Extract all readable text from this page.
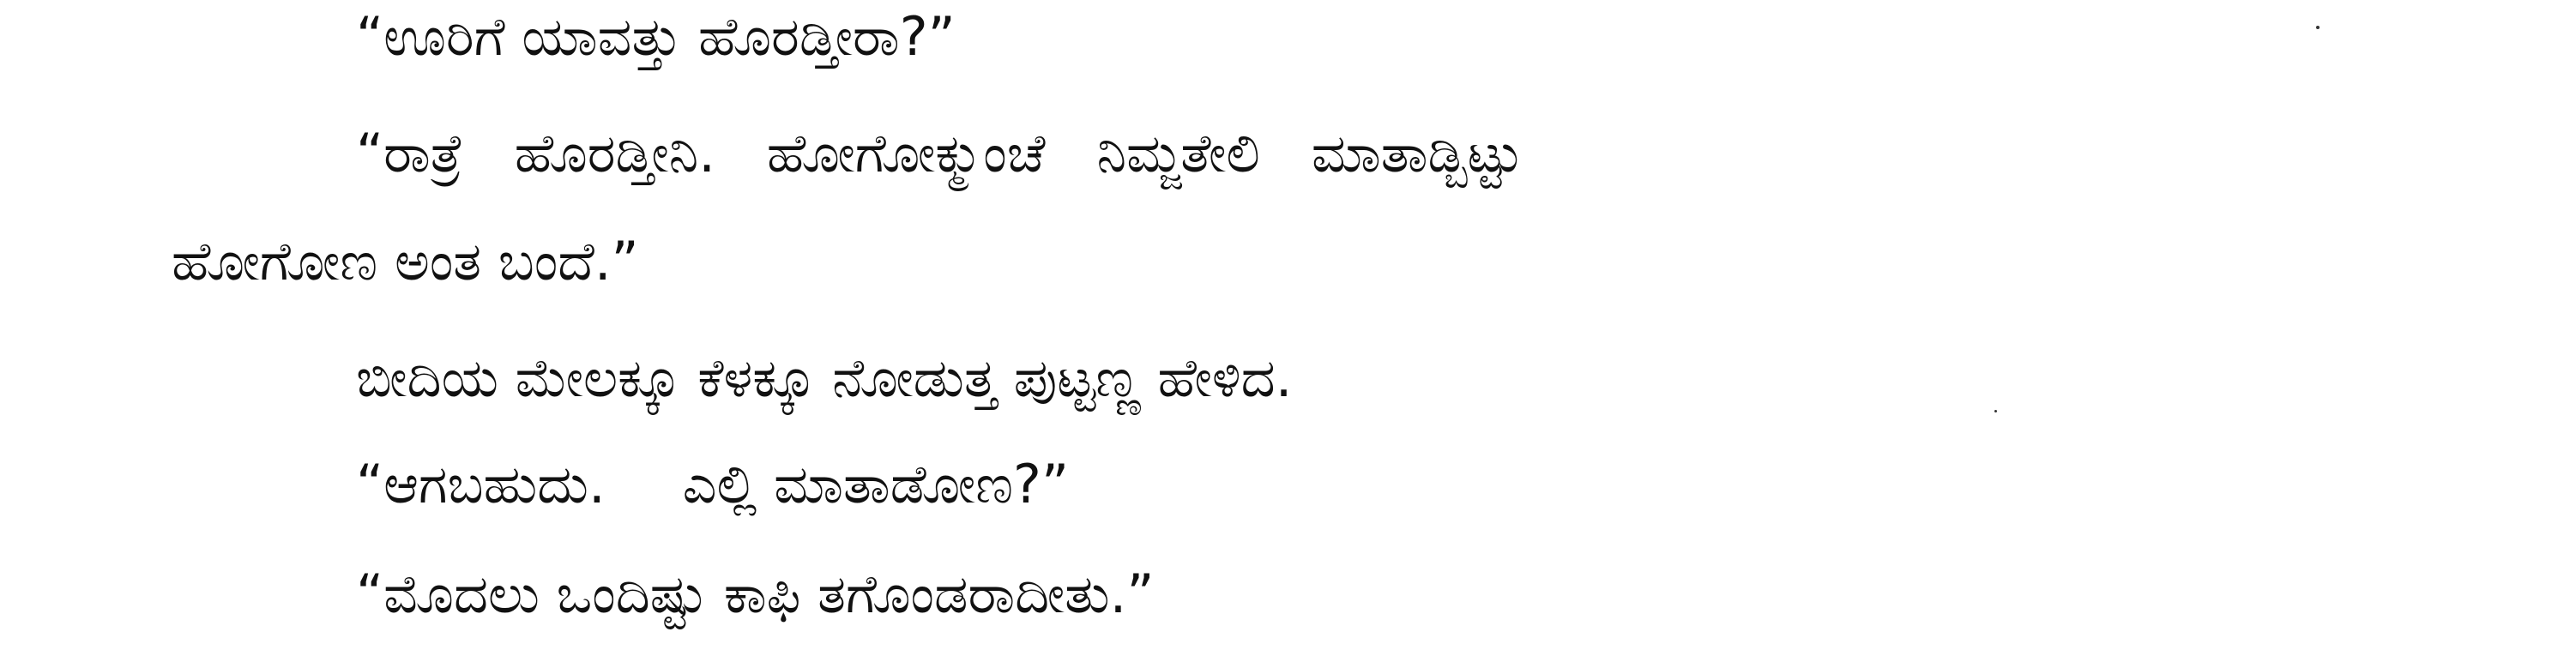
“ಊರಿಗೆ ಯಾವತ್ತು ಹೊರಡ್ತೀರಾ?”
“ರಾತ್ರೆ ಹೊರಡ್ತೀನಿ. ಹೋಗೋಕ್ಮುಂಚೆ ನಿಮ್ಜತೇಲಿ ಮಾತಾಡ್ಬಿಟ್ಟು
ಹೋಗೋಣ ಅಂತ ಬಂದೆ.”
ಬೀದಿಯ ಮೇಲಕ್ಕೂ ಕೆಳಕ್ಕೂ ನೋಡುತ್ತ ಪುಟ್ಟಣ್ಣ ಹೇಳಿದ.
“ಆಗಬಹುದು. ಎಲ್ಲಿ ಮಾತಾಡೋಣ?”
“ಮೊದಲು ಒಂದಿಷ್ಟು ಕಾಫಿ ತಗೊಂಡರಾದೀತು.”
